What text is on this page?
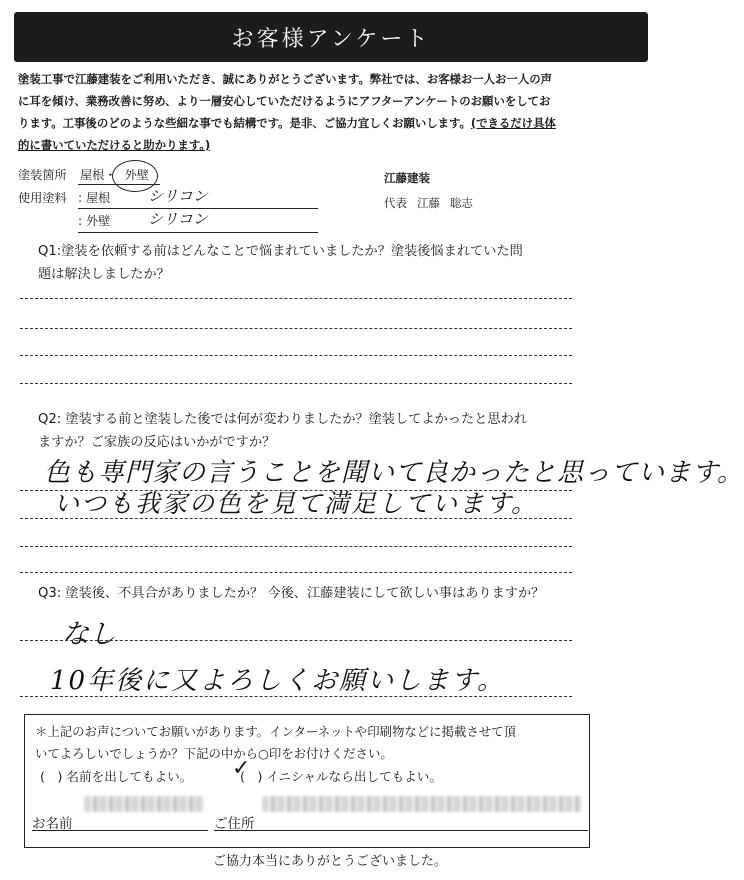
お客様アンケート
塗装工事で江藤建装をご利用いただき、誠にありがとうございます。弊社では、お客様お一人お一人の声
に耳を傾け、業務改善に努め、より一層安心していただけるようにアフターアンケートのお願いをしてお
ります。工事後のどのような些細な事でも結構です。是非、ご協力宜しくお願いします。(できるだけ具体
的に書いていただけると助かります。)
塗装箇所 屋根・ 外壁
使用塗料 : 屋根	シリコン
: 外壁	シリコン
江藤建装
代表 江藤 聡志
Q1:塗装を依頼する前はどんなことで悩まれていましたか？塗装後悩まれていた問
題は解決しましたか？
Q2: 塗装する前と塗装した後では何が変わりましたか？塗装してよかったと思われ
ますか？ご家族の反応はいかがですか？
色も専門家の言うことを聞いて良かったと思っています。
いつも我家の色を見て満足しています。
Q3: 塗装後、不具合がありましたか？ 今後、江藤建装にして欲しい事はありますか？
なし
10年後に又よろしくお願いします。
＊上記のお声についてお願いがあります。インターネットや印刷物などに掲載させて頂
いてよろしいでしょうか？下記の中から○印をお付けください。
(　) 名前を出してもよい。	(　) イニシャルなら出してもよい。
✓
お名前	ご住所
ご協力本当にありがとうございました。
